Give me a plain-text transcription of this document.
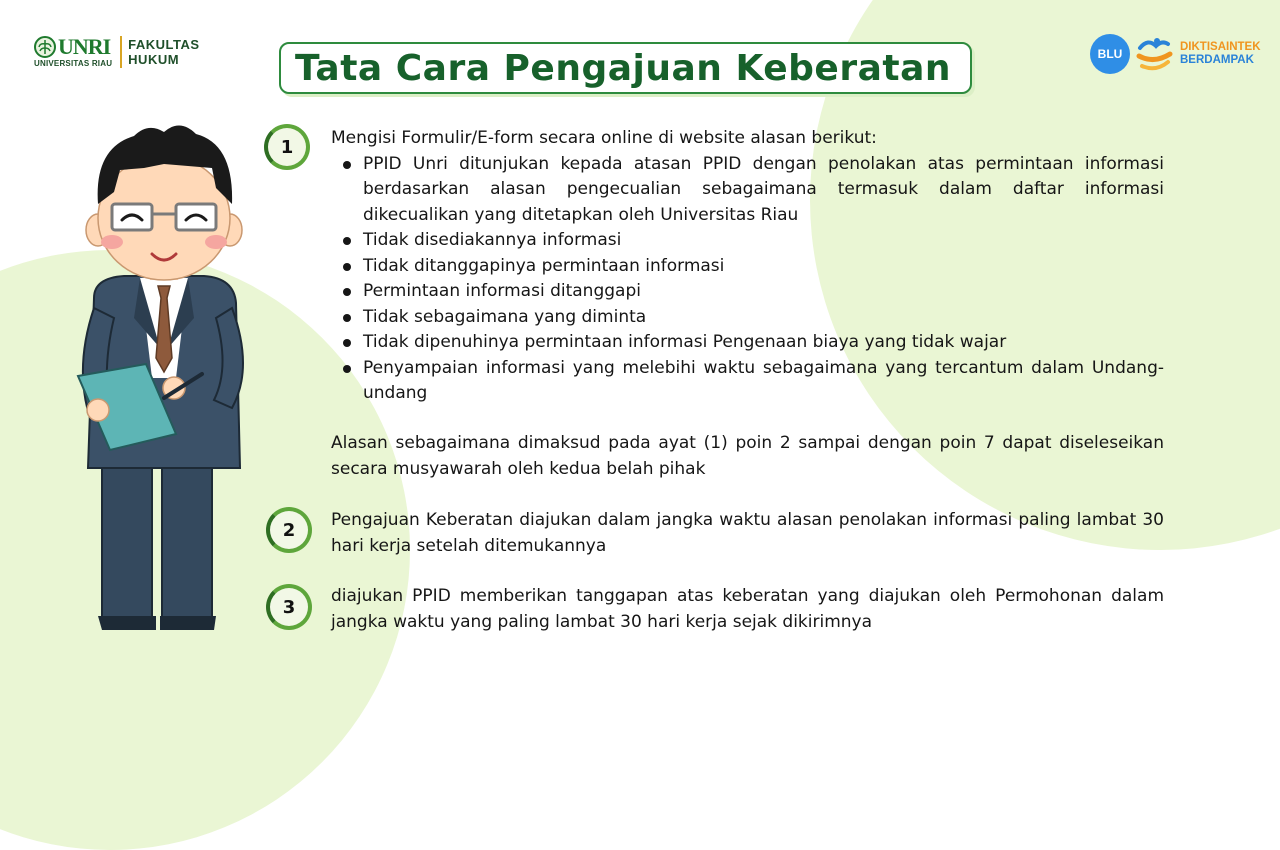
UNRI
UNIVERSITAS RIAU
FAKULTAS
HUKUM	BLU	DIKTISAINTEK
BERDAMPAK
Tata Cara Pengajuan Keberatan
1
2
3

Mengisi Formulir/E-form secara online di website alasan berikut:

PPID Unri ditunjukan kepada atasan PPID dengan penolakan atas permintaan informasi berdasarkan alasan pengecualian sebagaimana termasuk dalam daftar informasi dikecualikan yang ditetapkan oleh Universitas Riau
Tidak disediakannya informasi
Tidak ditanggapinya permintaan informasi
Permintaan informasi ditanggapi
Tidak sebagaimana yang diminta
Tidak dipenuhinya permintaan informasi Pengenaan biaya yang tidak wajar
Penyampaian informasi yang melebihi waktu sebagaimana yang tercantum dalam Undang-undang
Alasan sebagaimana dimaksud pada ayat (1) poin 2 sampai dengan poin 7 dapat diseleseikan secara musyawarah oleh kedua belah pihak
Pengajuan Keberatan diajukan dalam jangka waktu alasan penolakan informasi paling lambat 30 hari kerja setelah ditemukannya
diajukan PPID memberikan tanggapan atas keberatan yang diajukan oleh Permohonan dalam jangka waktu yang paling lambat 30 hari kerja sejak dikirimnya
